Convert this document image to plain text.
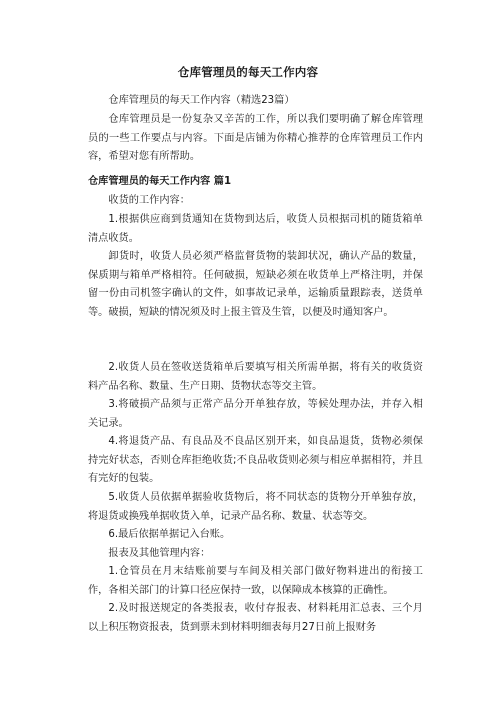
仓库管理员的每天工作内容

仓库管理员的每天工作内容（精选23篇）

仓库管理员是一份复杂又辛苦的工作，所以我们要明确了解仓库管理员的一些工作要点与内容。下面是店铺为你精心推荐的仓库管理员工作内容，希望对您有所帮助。

仓库管理员的每天工作内容 篇1

收货的工作内容：

1.根据供应商到货通知在货物到达后，收货人员根据司机的随货箱单清点收货。

卸货时，收货人员必须严格监督货物的装卸状况，确认产品的数量，保质期与箱单严格相符。任何破损，短缺必须在收货单上严格注明，并保留一份由司机签字确认的文件，如事故记录单，运输质量跟踪表，送货单等。破损，短缺的情况须及时上报主管及生管，以便及时通知客户。

2.收货人员在签收送货箱单后要填写相关所需单据，将有关的收货资料产品名称、数量、生产日期、货物状态等交主管。

3.将破损产品须与正常产品分开单独存放，等候处理办法，并存入相关记录。

4.将退货产品、有良品及不良品区别开来，如良品退货，货物必须保持完好状态，否则仓库拒绝收货;不良品收货则必须与相应单据相符，并且有完好的包装。

5.收货人员依据单据验收货物后，将不同状态的货物分开单独存放，将退货或换残单据收货入单，记录产品名称、数量、状态等交。

6.最后依据单据记入台账。

报表及其他管理内容：

1.仓管员在月末结账前要与车间及相关部门做好物料进出的衔接工作，各相关部门的计算口径应保持一致，以保障成本核算的正确性。

2.及时报送规定的各类报表，收付存报表、材料耗用汇总表、三个月以上积压物资报表，货到票未到材料明细表每月27日前上报财务
